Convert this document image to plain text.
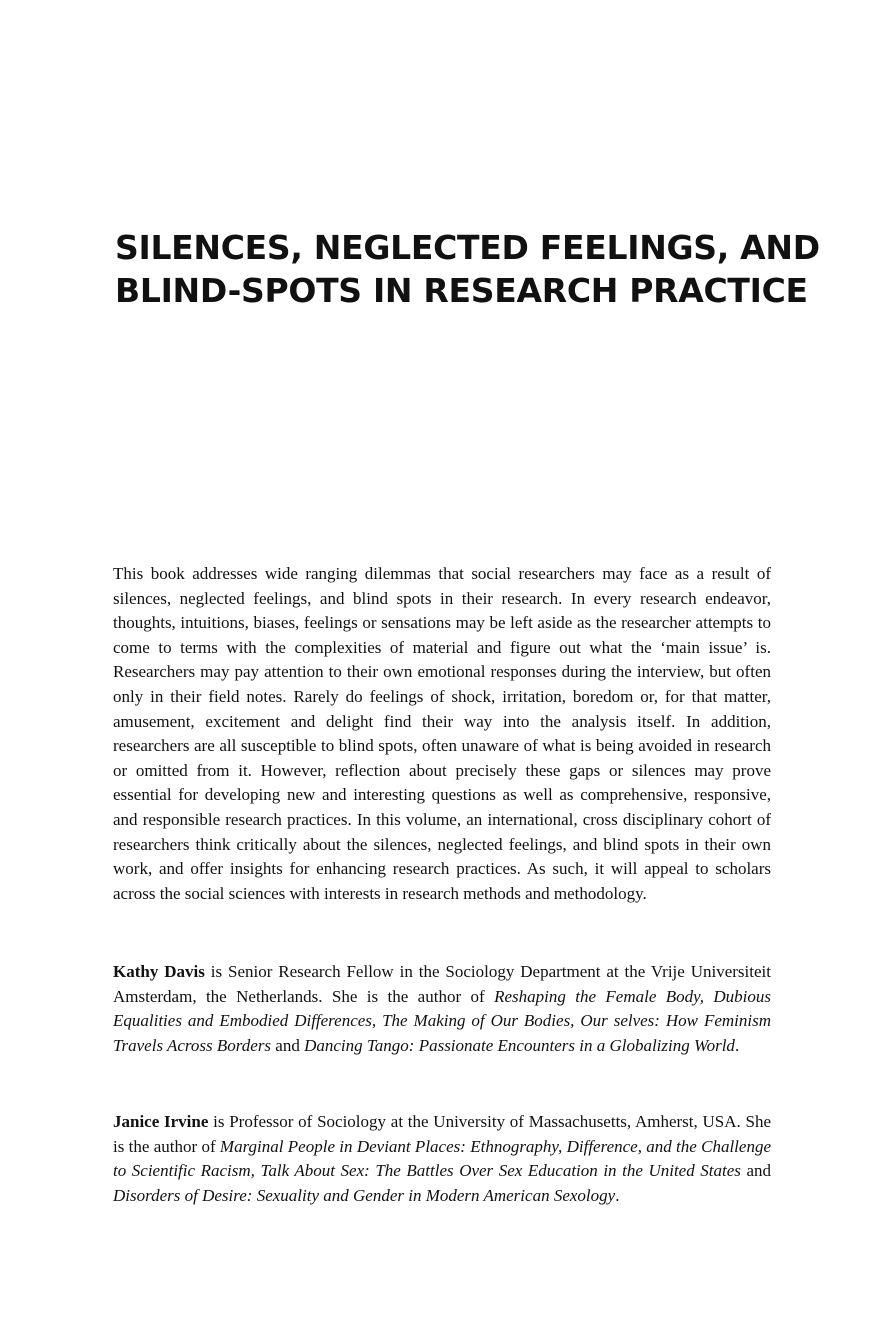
SILENCES, NEGLECTED FEELINGS, AND
BLIND-SPOTS IN RESEARCH PRACTICE

This book addresses wide ranging dilemmas that social researchers may face as a result of silences, neglected feelings, and blind spots in their research. In every research endeavor, thoughts, intuitions, biases, feelings or sensations may be left aside as the researcher attempts to come to terms with the complexities of material and figure out what the ‘main issue’ is. Researchers may pay attention to their own emotional responses during the interview, but often only in their field notes. Rarely do feelings of shock, irritation, boredom or, for that matter, amusement, excitement and delight find their way into the analysis itself. In addition, researchers are all susceptible to blind spots, often unaware of what is being avoided in research or omitted from it. However, reflection about precisely these gaps or silences may prove essential for developing new and interesting questions as well as comprehensive, responsive, and responsible research practices. In this volume, an international, cross disciplinary cohort of researchers think critically about the silences, neglected feelings, and blind spots in their own work, and offer insights for enhancing research practices. As such, it will appeal to scholars across the social sciences with interests in research methods and methodology.

Kathy Davis is Senior Research Fellow in the Sociology Department at the Vrije Universiteit Amsterdam, the Netherlands. She is the author of Reshaping the Female Body, Dubious Equalities and Embodied Differences, The Making of Our Bodies, Our selves: How Feminism Travels Across Borders and Dancing Tango: Passionate Encounters in a Globalizing World.

Janice Irvine is Professor of Sociology at the University of Massachusetts, Amherst, USA. She is the author of Marginal People in Deviant Places: Ethnography, Difference, and the Challenge to Scientific Racism, Talk About Sex: The Battles Over Sex Education in the United States and Disorders of Desire: Sexuality and Gender in Modern American Sexology.
